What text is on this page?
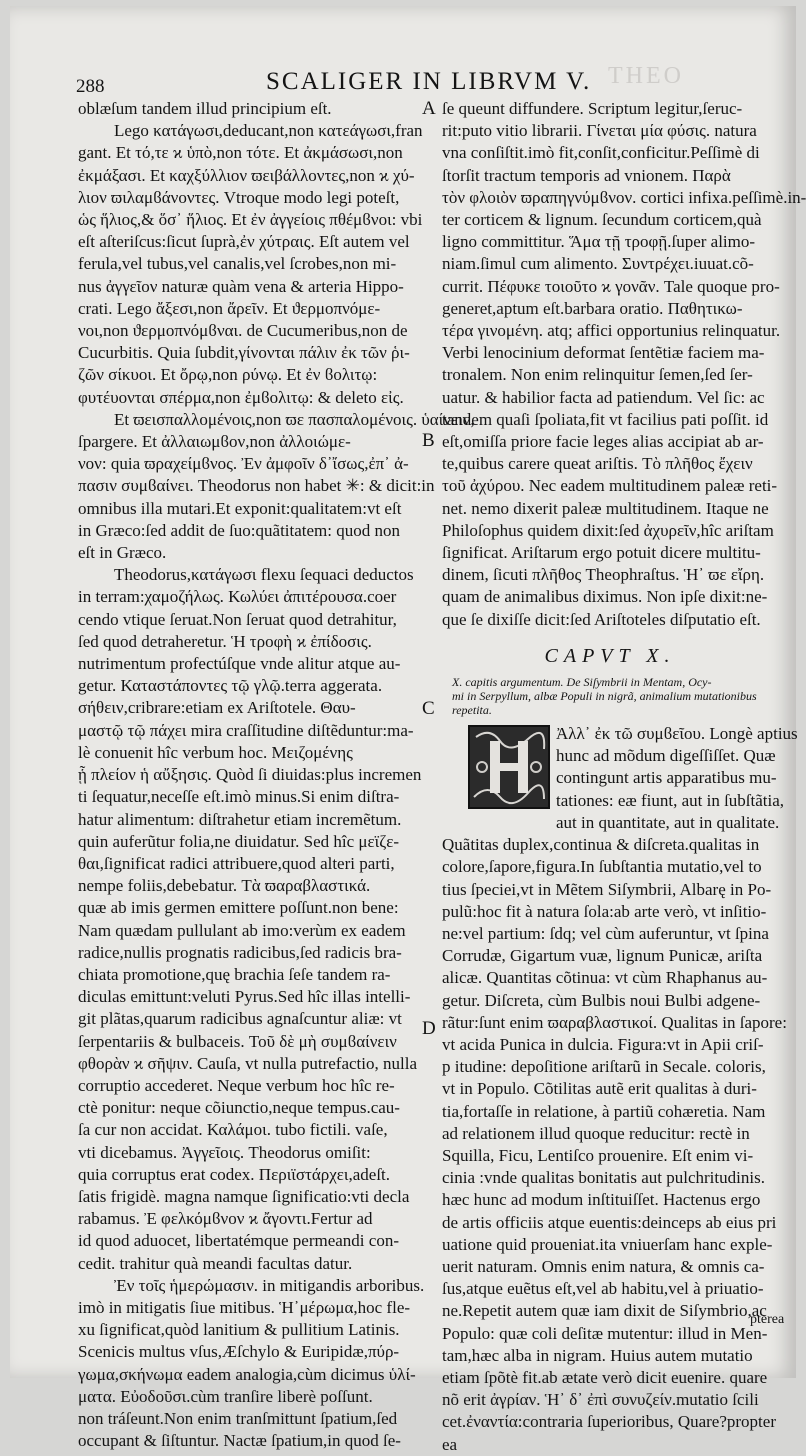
THEO
288	SCALIGER IN LIBRVM V.
oblæſum tandem illud principium eſt.
Lego κατάγωσι,deducant,non κατεάγωσι,fran
gant. Et τό,τε ϰ ὑπὸ,non τότε. Et ἀκμάσωσι,non
ἐκμάξασι. Et καχξύλλιον ϖειβάλλοντες,non ϰ χύ-
λιον ϖιλαμϐάνοντες. Vtroque modo legi poteſt,
ὡς ἥλιος,& ὅσ᾽ ἥλιος. Et ἐν ἀγγείοις πθέμϐνοι: vbi
eſt aſteriſcus:ſicut ſuprà,ἐν χύτραις. Eſt autem vel
ferula,vel tubus,vel canalis,vel ſcrobes,non mi-
nus ἀγγεῖον naturæ quàm vena & arteria Hippo-
crati. Lego ἄξεσι,non ἄρεῖν. Et ϑερμοπνόμε-
νοι,non ϑερμοπνόμϐναι. de Cucumeribus,non de
Cucurbitis. Quia ſubdit,γίνονται πάλιν ἐκ τῶν ῥι-
ζῶν σίκυοι. Et ὄρῳ,non ρύνῳ. Et ἐν ϐολιτῳ:
φυτέυονται σπέρμα,non ἐμϐολιτῳ: & deleto εἰς.
Et ϖεισπαλλομένοις,non ϖε πασπαλομένοις. ὑαίνειν,
ſpargere. Et ἀλλαιωμϐον,non ἀλλοιώμε-
νον: quia ϖραχείμϐνος. Ἐν ἀμφοῖν δ᾽ἴσως,ἐπ᾽ ἀ-
πασιν συμϐαίνει. Theodorus non habet ✳: & dicit:in
omnibus illa mutari.Et exponit:qualitatem:vt eſt
in Græco:ſed addit de ſuo:quãtitatem: quod non
eſt in Græco.
Theodorus,κατάγωσι flexu ſequaci deductos
in terram:χαμοζήλως. Κωλύει ἀπιτέρουσα.coer
cendo vtique ſeruat.Non ſeruat quod detrahitur,
ſed quod detraheretur. Ἡ τροφὴ ϰ ἐπίδοσις.
nutrimentum profectúſque vnde alitur atque au-
getur. Καταστάποντες τῷ γλῷ.terra aggerata.
σήθειν,cribrare:etiam ex Ariſtotele. Θαυ-
μαστῷ τῷ πάχει mira craſſitudine diſtẽduntur:ma-
lè conuenit hîc verbum hoc. Μειζομένης
ᾗ πλείον ἡ αὔξησις. Quòd ſi diuidas:plus incremen
ti ſequatur,neceſſe eſt.imò minus.Si enim diſtra-
hatur alimentum: diſtrahetur etiam incremẽtum.
quin auferũtur folia,ne diuidatur. Sed hîc μεϊζε-
θαι,ſignificat radici attribuere,quod alteri parti,
nempe foliis,debebatur. Τὰ ϖαραβλαστικά.
quæ ab imis germen emittere poſſunt.non bene:
Nam quædam pullulant ab imo:verùm ex eadem
radice,nullis prognatis radicibus,ſed radicis bra-
chiata promotione,quę brachia ſeſe tandem ra-
diculas emittunt:veluti Pyrus.Sed hîc illas intelli-
git plãtas,quarum radicibus agnaſcuntur aliæ: vt
ſerpentariis & bulbaceis. Τοῦ δὲ μὴ συμϐαίνειν
φθορὰν ϰ σῆψιν. Cauſa, vt nulla putrefactio, nulla
corruptio accederet. Neque verbum hoc hîc re-
ctè ponitur: neque cõiunctio,neque tempus.cau-
ſa cur non accidat. Καλάμοι. tubo fictili. vaſe,
vti dicebamus. Ἀγγεῖοις. Theodorus omiſit:
quia corruptus erat codex. Περιϊστάρχει,adeſt.
ſatis frigidè. magna namque ſignificatio:vti decla
rabamus. Ἐ φελκόμϐνον ϰ ἄγοντι.Fertur ad
id quod aduocet, libertatémque permeandi con-
cedit. trahitur quà meandi facultas datur.
Ἐν τοῖς ἡμερώμασιν. in mitigandis arboribus.
imò in mitigatis ſiue mitibus. Ἡ᾽μέρωμα,hoc fle-
xu ſignificat,quòd lanitium & pullitium Latinis.
Scenicis multus vſus,Æſchylo & Euripidæ,πύρ-
γωμα,σκήνωμα eadem analogia,cùm dicimus ὑλί-
ματα. Εὐοδοῦσι.cùm tranſire liberè poſſunt.
non tráſeunt.Non enim tranſmittunt ſpatium,ſed
occupant & ſiſtuntur. Nactæ ſpatium,in quod ſe-
ſe queunt diffundere. Scriptum legitur,ſeruc-
rit:puto vitio librarii. Γίνεται μία φύσις. natura
vna conſiſtit.imò fit,conſit,conficitur.Peſſimè di
ſtorſit tractum temporis ad vnionem. Παρὰ
τὸν φλοιὸν ϖραπηγνύμϐνον. cortici infixa.peſſimè.in-
ter corticem & lignum. ſecundum corticem,quà
ligno committitur. Ἅμα τῇ τροφῇ.ſuper alimo-
niam.ſimul cum alimento. Συντρέχει.iuuat.cõ-
currit. Πέφυκε τοιοῦτο ϰ γονᾶν. Tale quoque pro-
generet,aptum eſt.barbara oratio. Παθητικω-
τέρα γινομένη. atq; affici opportunius relinquatur.
Verbi lenocinium deformat ſentẽtiæ faciem ma-
tronalem. Non enim relinquitur ſemen,ſed ſer-
uatur. & habilior facta ad patiendum. Vel ſic: ac
tandem quaſi ſpoliata,fit vt facilius pati poſſit. id
eſt,omiſſa priore facie leges alias accipiat ab ar-
te,quibus carere queat ariſtis. Τὸ πλῆθος ἔχειν
τοῦ ἀχύρου. Nec eadem multitudinem paleæ reti-
net. nemo dixerit paleæ multitudinem. Itaque ne
Philoſophus quidem dixit:ſed ἀχυρεῖν,hîc ariſtam
ſignificat. Ariſtarum ergo potuit dicere multitu-
dinem, ſicuti πλῆθος Theophraſtus. Ἡ᾽ ϖε εἴρη.
quam de animalibus diximus. Non ipſe dixit:ne-
que ſe dixiſſe dicit:ſed Ariſtoteles diſputatio eſt.
CAPVT X.
X. capitis argumentum. De Siſymbrii in Mentam, Ocy-
mi in Serpyllum, albæ Populi in nigrã, animalium mutationibus
repetita.
Ἀλλ᾽ ἐκ τῶ συμϐεῖου. Longè aptius
hunc ad mõdum digeſſiſſet. Quæ
contingunt artis apparatibus mu-
tationes: eæ fiunt, aut in ſubſtãtia,
aut in quantitate, aut in qualitate.
Quãtitas duplex,continua & diſcreta.qualitas in
colore,ſapore,figura.In ſubſtantia mutatio,vel to
tius ſpeciei,vt in Mẽtem Siſymbrii, Albarę in Po-
pulũ:hoc fit à natura ſola:ab arte verò, vt inſitio-
ne:vel partium: ſdq; vel cùm auferuntur, vt ſpina
Corrudæ, Gigartum vuæ, lignum Punicæ, ariſta
alicæ. Quantitas cõtinua: vt cùm Rhaphanus au-
getur. Diſcreta, cùm Bulbis noui Bulbi adgene-
rãtur:ſunt enim ϖαραβλαστικοί. Qualitas in ſapore:
vt acida Punica in dulcia. Figura:vt in Apii criſ-
p itudine: depoſitione ariſtarũ in Secale. coloris,
vt in Populo. Cõtilitas autẽ erit qualitas à duri-
tia,fortaſſe in relatione, à partiũ cohæretia. Nam
ad relationem illud quoque reducitur: rectè in
Squilla, Ficu, Lentiſco prouenire. Eſt enim vi-
cinia :vnde qualitas bonitatis aut pulchritudinis.
hæc hunc ad modum inſtituiſſet. Hactenus ergo
de artis officiis atque euentis:deinceps ab eius pri
uatione quid proueniat.ita vniuerſam hanc exple-
uerit naturam. Omnis enim natura, & omnis ca-
ſus,atque euẽtus eſt,vel ab habitu,vel à priuatio-
ne.Repetit autem quæ iam dixit de Siſymbrio,ac
Populo: quæ coli deſitæ mutentur: illud in Men-
tam,hæc alba in nigram. Huius autem mutatio
etiam ſpõtè fit.ab ætate verò dicit euenire. quare
nõ erit ἀγρίαν. Ἡ᾽ δ᾽ ἐπὶ συνυζείν.mutatio ſcili
cet.ἐναντία:contraria ſuperioribus, Quare?propter
ea
A
B
C
D
pterea
